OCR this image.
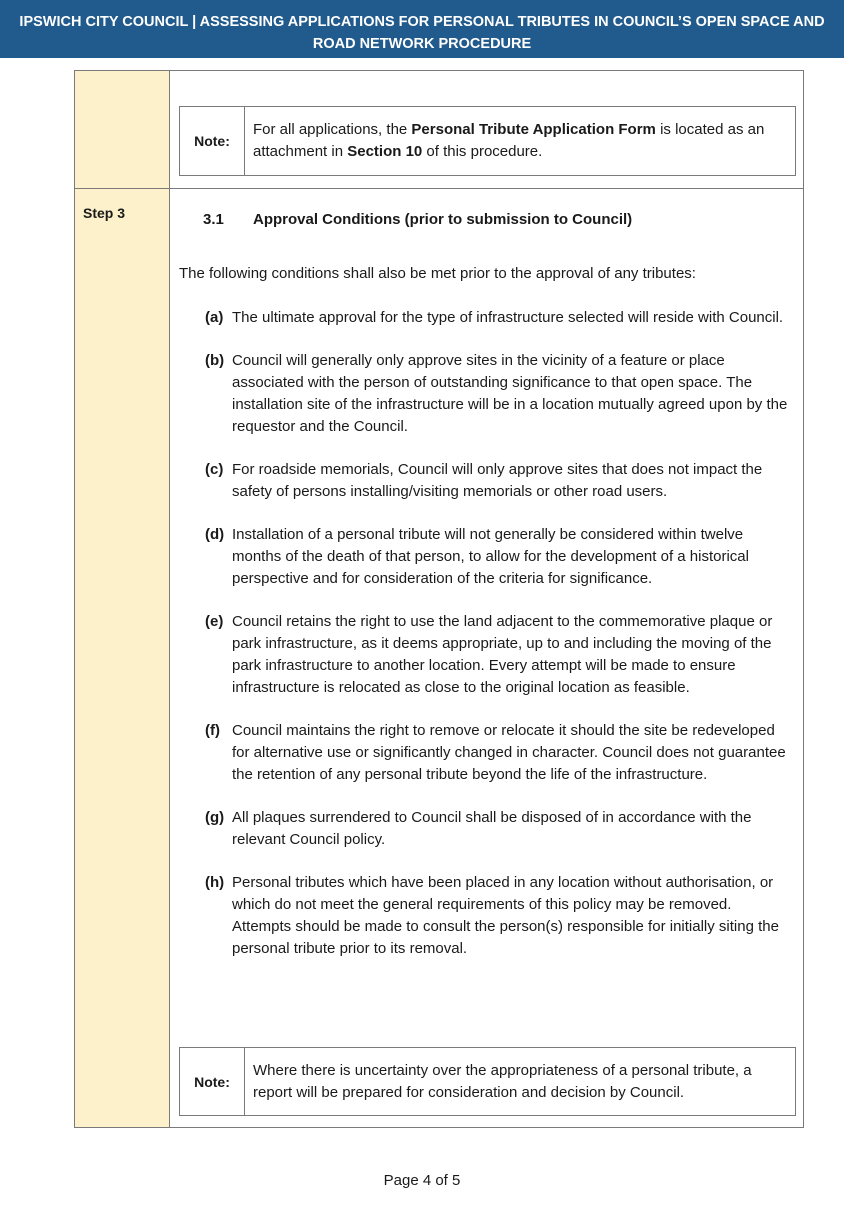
IPSWICH CITY COUNCIL | ASSESSING APPLICATIONS FOR PERSONAL TRIBUTES IN COUNCIL’S OPEN SPACE AND
ROAD NETWORK PROCEDURE
Note:
For all applications, the Personal Tribute Application Form is located as an attachment in Section 10 of this procedure.
Step 3	3.1 Approval Conditions (prior to submission to Council)
The following conditions shall also be met prior to the approval of any tributes:
(a) The ultimate approval for the type of infrastructure selected will reside with Council.
(b) Council will generally only approve sites in the vicinity of a feature or place associated with the person of outstanding significance to that open space. The installation site of the infrastructure will be in a location mutually agreed upon by the requestor and the Council.
(c) For roadside memorials, Council will only approve sites that does not impact the safety of persons installing/visiting memorials or other road users.
(d) Installation of a personal tribute will not generally be considered within twelve months of the death of that person, to allow for the development of a historical perspective and for consideration of the criteria for significance.
(e) Council retains the right to use the land adjacent to the commemorative plaque or park infrastructure, as it deems appropriate, up to and including the moving of the park infrastructure to another location. Every attempt will be made to ensure infrastructure is relocated as close to the original location as feasible.
(f) Council maintains the right to remove or relocate it should the site be redeveloped for alternative use or significantly changed in character. Council does not guarantee the retention of any personal tribute beyond the life of the infrastructure.
(g) All plaques surrendered to Council shall be disposed of in accordance with the relevant Council policy.
(h) Personal tributes which have been placed in any location without authorisation, or which do not meet the general requirements of this policy may be removed. Attempts should be made to consult the person(s) responsible for initially siting the personal tribute prior to its removal.
Note:
Where there is uncertainty over the appropriateness of a personal tribute, a report will be prepared for consideration and decision by Council.
Page 4 of 5
